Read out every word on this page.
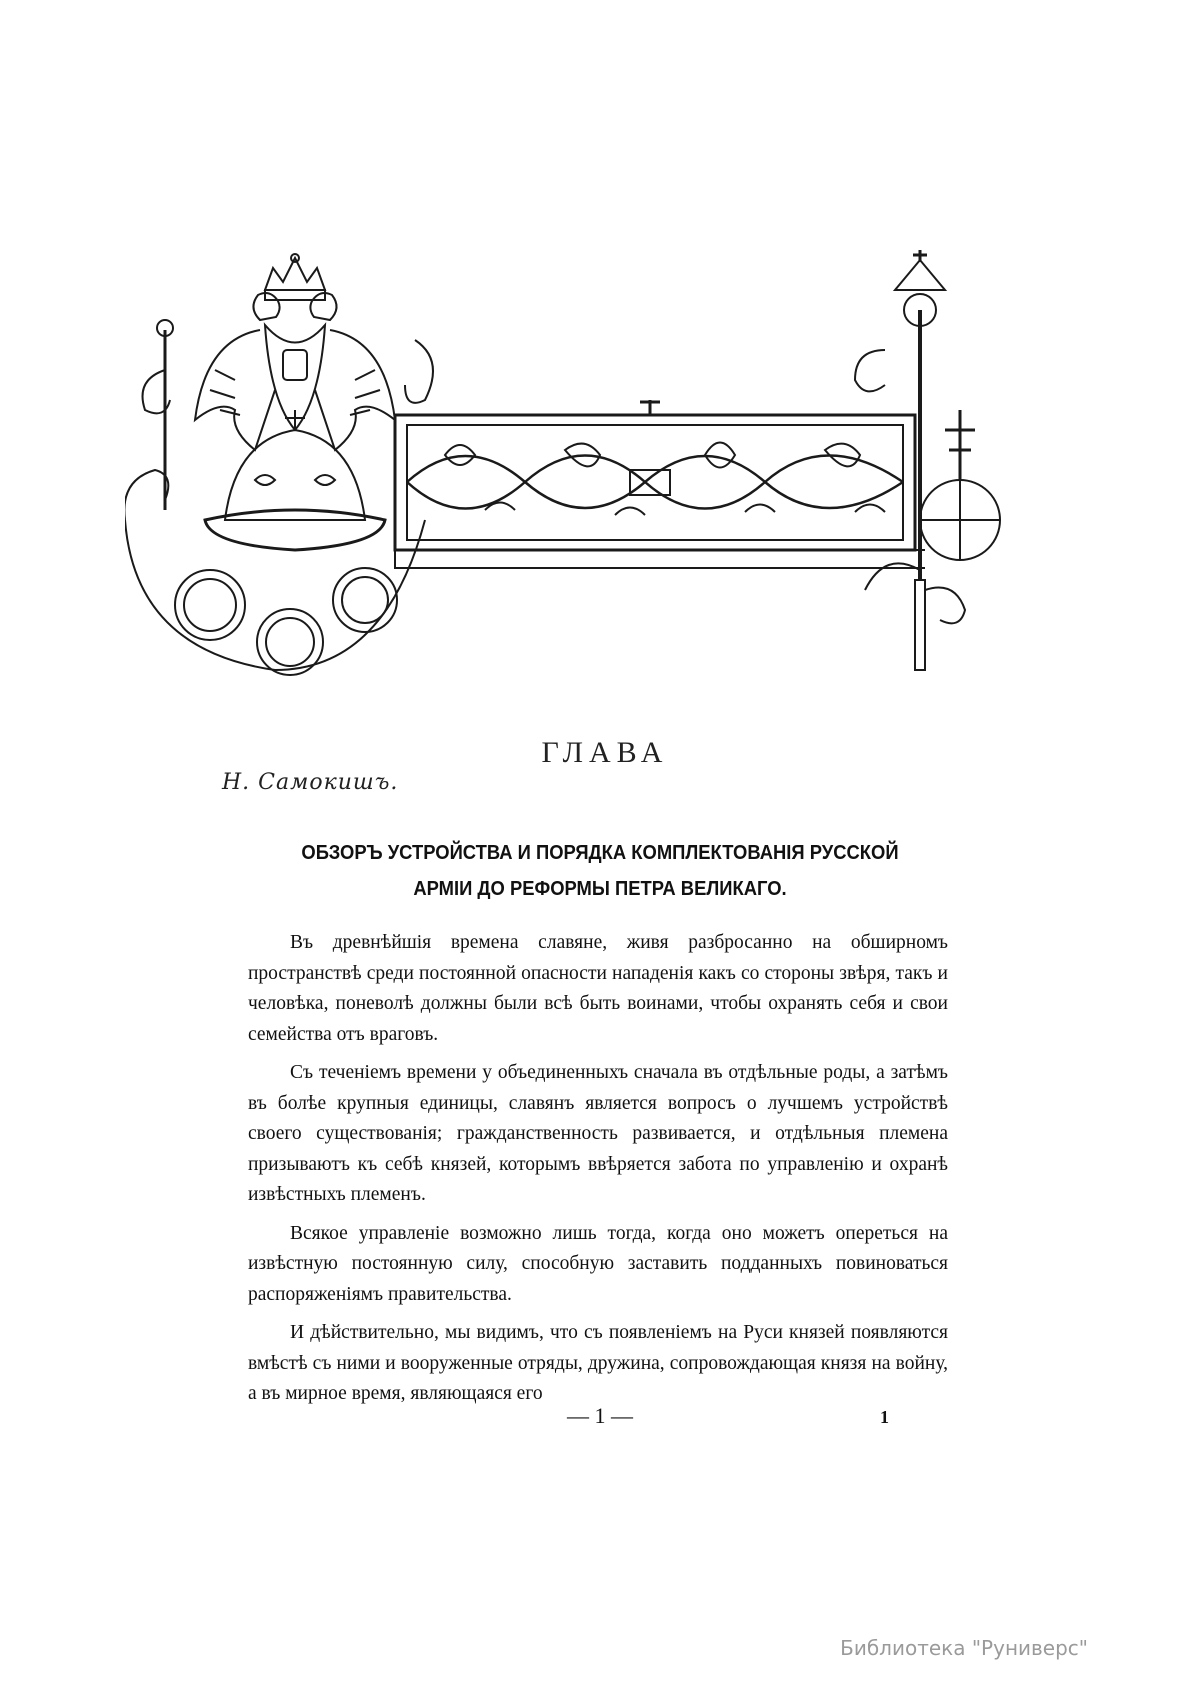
Н. Самокишъ.
ГЛАВА
ОБЗОРЪ УСТРОЙСТВА И ПОРЯДКА КОМПЛЕКТОВАНІЯ РУССКОЙ
АРМІИ ДО РЕФОРМЫ ПЕТРА ВЕЛИКАГО.

Въ древнѣйшія времена славяне, живя разбросанно на обширномъ пространствѣ среди постоянной опасности нападенія какъ со стороны звѣря, такъ и человѣка, поневолѣ должны были всѣ быть воинами, чтобы охранять себя и свои семейства отъ враговъ.

Съ теченіемъ времени у объединенныхъ сначала въ отдѣльные роды, а затѣмъ въ болѣе крупныя единицы, славянъ является вопросъ о лучшемъ устройствѣ своего существованія; гражданственность развивается, и отдѣльныя племена призываютъ къ себѣ князей, которымъ ввѣряется забота по управленію и охранѣ извѣстныхъ племенъ.

Всякое управленіе возможно лишь тогда, когда оно можетъ опереться на извѣстную постоянную силу, способную заставить подданныхъ повиноваться распоряженіямъ правительства.

И дѣйствительно, мы видимъ, что съ появленіемъ на Руси князей появляются вмѣстѣ съ ними и вооруженные отряды, дружина, сопровождающая князя на войну, а въ мирное время, являющаяся его

— 1 —	1
Библиотека "Руниверс"
